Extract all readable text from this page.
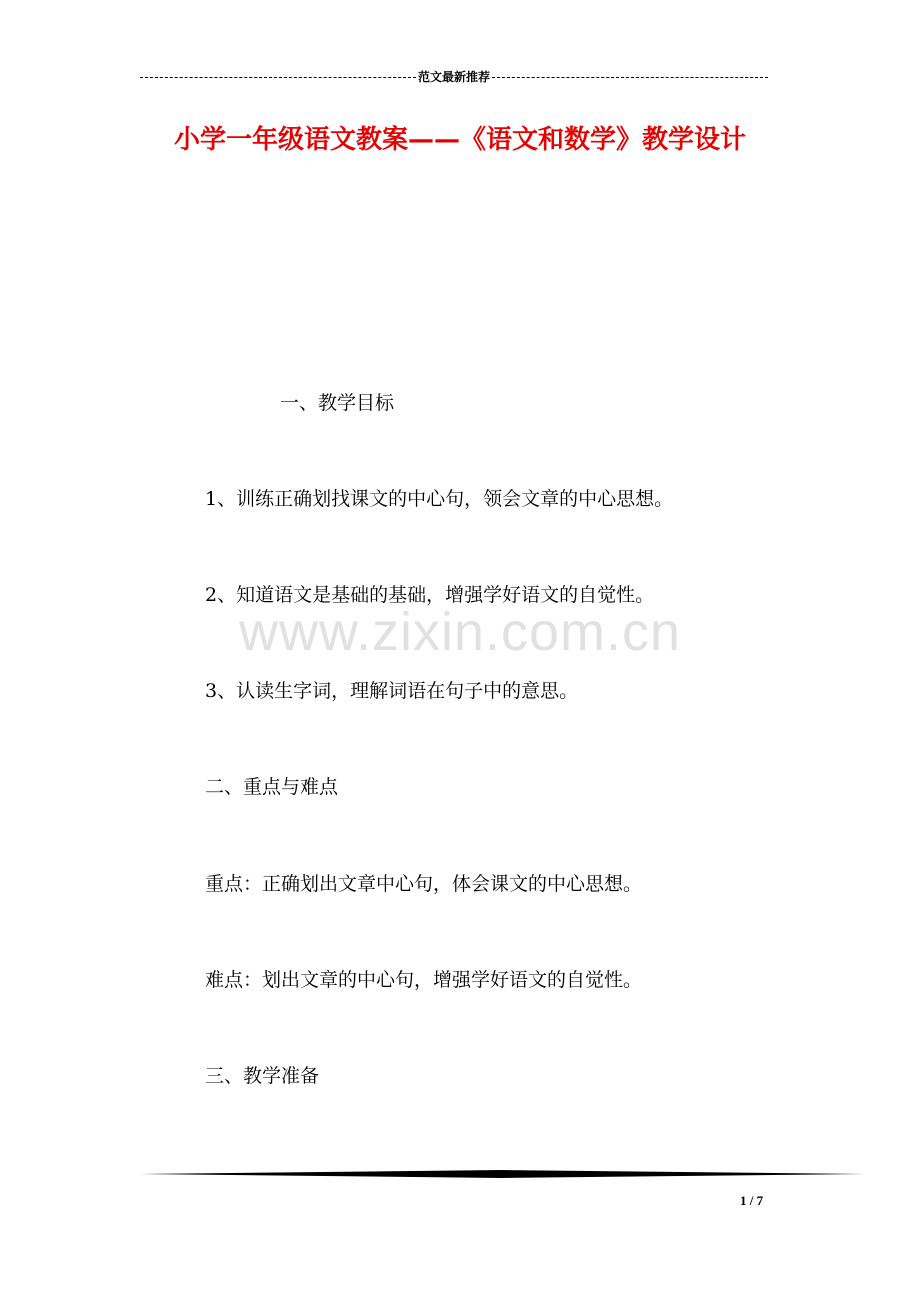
范文最新推荐
小学一年级语文教案——《语文和数学》教学设计
www.zixin.com.cn
一、教学目标
1、训练正确划找课文的中心句，领会文章的中心思想。
2、知道语文是基础的基础，增强学好语文的自觉性。
3、认读生字词，理解词语在句子中的意思。
二、重点与难点
重点：正确划出文章中心句，体会课文的中心思想。
难点：划出文章的中心句，增强学好语文的自觉性。
三、教学准备
1 / 7
